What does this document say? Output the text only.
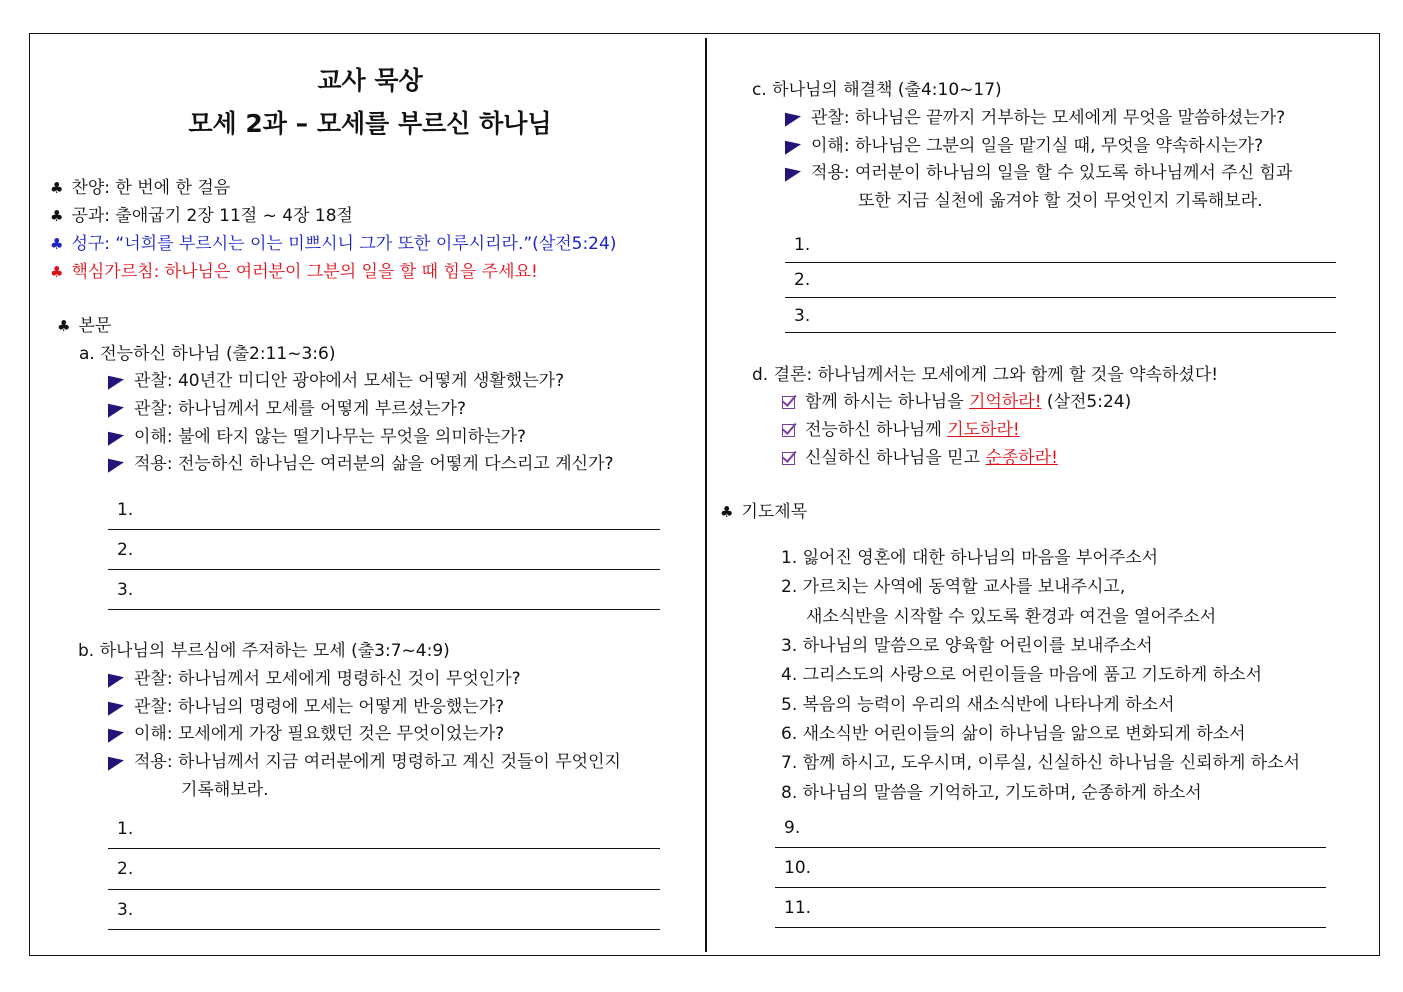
교사 묵상
모세 2과 – 모세를 부르신 하나님
♣ 찬양: 한 번에 한 걸음
♣ 공과: 출애굽기 2장 11절 ~ 4장 18절
♣ 성구: “너희를 부르시는 이는 미쁘시니 그가 또한 이루시리라.”(살전5:24)
♣ 핵심가르침: 하나님은 여러분이 그분의 일을 할 때 힘을 주세요!
♣ 본문
a. 전능하신 하나님 (출2:11~3:6)
관찰: 40년간 미디안 광야에서 모세는 어떻게 생활했는가?
관찰: 하나님께서 모세를 어떻게 부르셨는가?
이해: 불에 타지 않는 떨기나무는 무엇을 의미하는가?
적용: 전능하신 하나님은 여러분의 삶을 어떻게 다스리고 계신가?
1.
2.
3.
b. 하나님의 부르심에 주저하는 모세 (출3:7~4:9)
관찰: 하나님께서 모세에게 명령하신 것이 무엇인가?
관찰: 하나님의 명령에 모세는 어떻게 반응했는가?
이해: 모세에게 가장 필요했던 것은 무엇이었는가?
적용: 하나님께서 지금 여러분에게 명령하고 계신 것들이 무엇인지
기록해보라.
1.
2.
3.
c. 하나님의 해결책 (출4:10~17)
관찰: 하나님은 끝까지 거부하는 모세에게 무엇을 말씀하셨는가?
이해: 하나님은 그분의 일을 맡기실 때, 무엇을 약속하시는가?
적용: 여러분이 하나님의 일을 할 수 있도록 하나님께서 주신 힘과
또한 지금 실천에 옮겨야 할 것이 무엇인지 기록해보라.
1.
2.
3.
d. 결론: 하나님께서는 모세에게 그와 함께 할 것을 약속하셨다!
함께 하시는 하나님을 기억하라! (살전5:24)
전능하신 하나님께 기도하라!
신실하신 하나님을 믿고 순종하라!
♣ 기도제목
1. 잃어진 영혼에 대한 하나님의 마음을 부어주소서
2. 가르치는 사역에 동역할 교사를 보내주시고,
새소식반을 시작할 수 있도록 환경과 여건을 열어주소서
3. 하나님의 말씀으로 양육할 어린이를 보내주소서
4. 그리스도의 사랑으로 어린이들을 마음에 품고 기도하게 하소서
5. 복음의 능력이 우리의 새소식반에 나타나게 하소서
6. 새소식반 어린이들의 삶이 하나님을 앎으로 변화되게 하소서
7. 함께 하시고, 도우시며, 이루실, 신실하신 하나님을 신뢰하게 하소서
8. 하나님의 말씀을 기억하고, 기도하며, 순종하게 하소서
9.
10.
11.
